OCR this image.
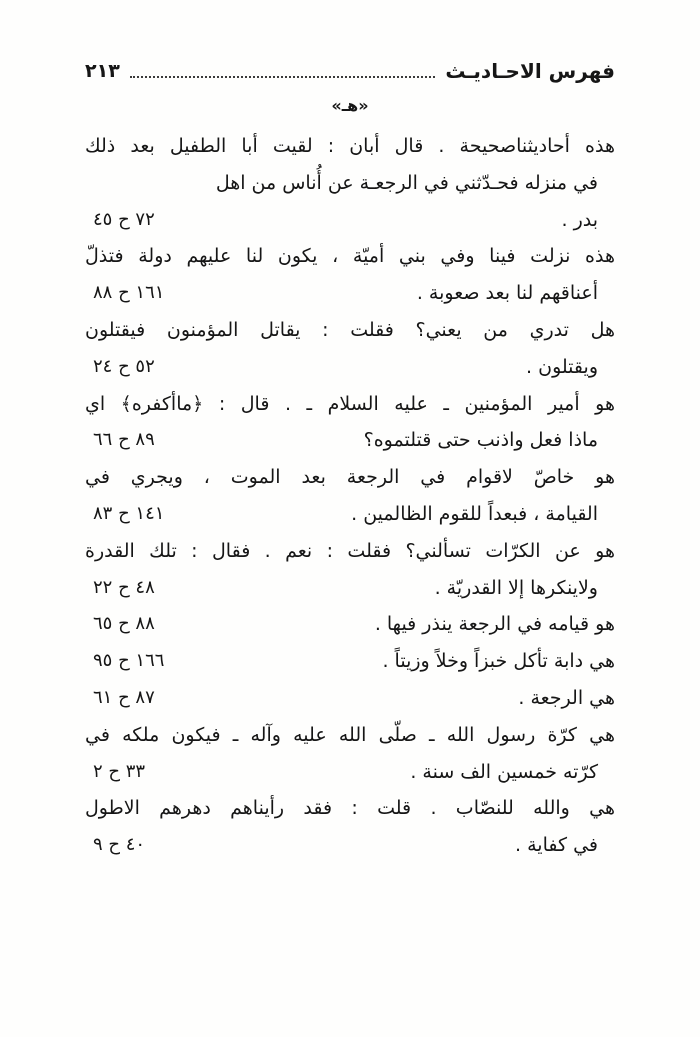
فهرس الاحـاديـث
٢١٣
«هـ»
هذه أحاديثناصحيحة . قال أبان : لقيت أبا الطفيل بعد ذلك
في منزله فحـدّثني في الرجعـة عن أُناس من اهل
بدر .
٧٢ ح ٤٥
هذه نزلت فينا وفي بني أميّة ، يكون لنا عليهم دولة فتذلّ
أعناقهم لنا بعد صعوبة .
١٦١ ح ٨٨
هل تدري من يعني؟ فقلت : يقاتل المؤمنون فيقتلون
ويقتلون .
٥٢ ح ٢٤
هو أمير المؤمنين ـ عليه السلام ـ . قال : ﴿ماأكفره﴾ اي
ماذا فعل واذنب حتى قتلتموه؟
٨٩ ح ٦٦
هو خاصّ لاقوام في الرجعة بعد الموت ، ويجري في
القيامة ، فبعداً للقوم الظالمين .
١٤١ ح ٨٣
هو عن الكرّات تسألني؟ فقلت : نعم . فقال : تلك القدرة
ولاينكرها إلا القدريّة .
٤٨ ح ٢٢
هو قيامه في الرجعة ينذر فيها .
٨٨ ح ٦٥
هي دابة تأكل خبزاً وخلاً وزيتاً .
١٦٦ ح ٩٥
هي الرجعة .
٨٧ ح ٦١
هي كرّة رسول الله ـ صلّى الله عليه وآله ـ فيكون ملكه في
كرّته خمسين الف سنة .
٣٣ ح ٢
هي والله للنصّاب . قلت : فقد رأيناهم دهرهم الاطول
في كفاية .
٤٠ ح ٩
